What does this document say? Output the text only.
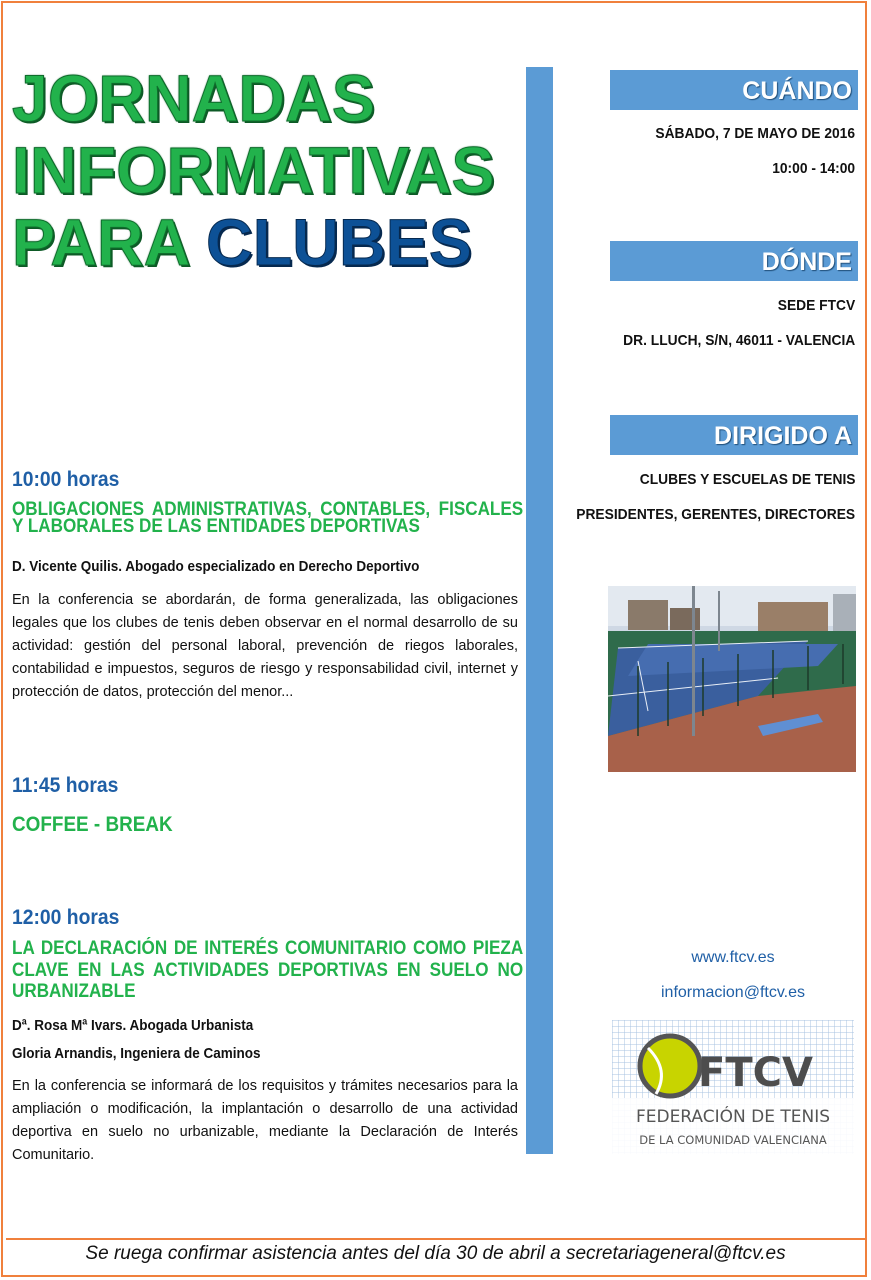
JORNADAS
INFORMATIVAS
PARA CLUBES
CUÁNDO
SÁBADO, 7 DE MAYO DE 2016
10:00 - 14:00
DÓNDE
SEDE FTCV
DR. LLUCH, S/N, 46011 - VALENCIA
DIRIGIDO A
CLUBES Y ESCUELAS DE TENIS
PRESIDENTES, GERENTES, DIRECTORES
10:00 horas
OBLIGACIONES ADMINISTRATIVAS, CONTABLES, FISCALES
Y LABORALES DE LAS ENTIDADES DEPORTIVAS
D. Vicente Quilis. Abogado especializado en Derecho Deportivo
En la conferencia se abordarán, de forma generalizada, las obligaciones legales que los clubes de tenis deben observar en el normal desarrollo de su actividad: gestión del personal laboral, prevención de riegos laborales, contabilidad e impuestos, seguros de riesgo y responsabilidad civil, internet y protección de datos, protección del menor...
11:45 horas
COFFEE - BREAK
12:00 horas
LA DECLARACIÓN DE INTERÉS COMUNITARIO COMO PIEZA
CLAVE EN LAS ACTIVIDADES DEPORTIVAS EN SUELO NO
URBANIZABLE
Dª. Rosa Mª Ivars. Abogada Urbanista
Gloria Arnandis, Ingeniera de Caminos
En la conferencia se informará de los requisitos y trámites necesarios para la ampliación o modificación, la implantación o desarrollo de una actividad deportiva en suelo no urbanizable, mediante la Declaración de Interés Comunitario.
www.ftcv.es
informacion@ftcv.es
FTCV
FEDERACIÓN DE TENIS
DE LA COMUNIDAD VALENCIANA
Se ruega confirmar asistencia antes del día 30 de abril a secretariageneral@ftcv.es
